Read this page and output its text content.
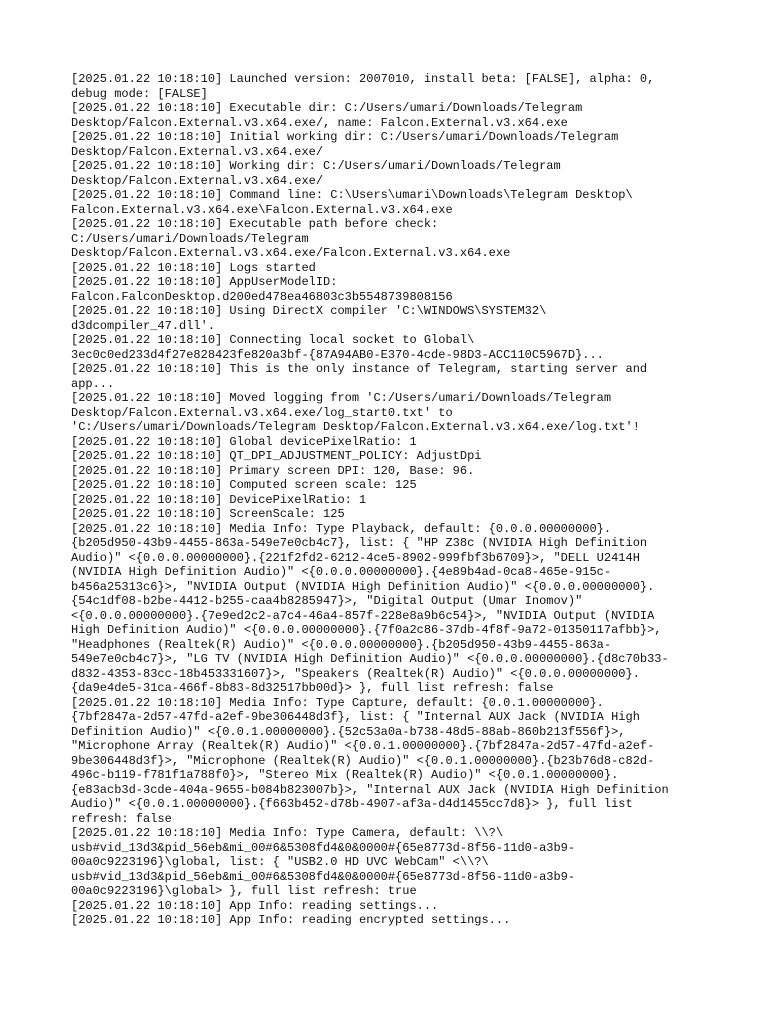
[2025.01.22 10:18:10] Launched version: 2007010, install beta: [FALSE], alpha: 0,
debug mode: [FALSE]
[2025.01.22 10:18:10] Executable dir: C:/Users/umari/Downloads/Telegram
Desktop/Falcon.External.v3.x64.exe/, name: Falcon.External.v3.x64.exe
[2025.01.22 10:18:10] Initial working dir: C:/Users/umari/Downloads/Telegram
Desktop/Falcon.External.v3.x64.exe/
[2025.01.22 10:18:10] Working dir: C:/Users/umari/Downloads/Telegram
Desktop/Falcon.External.v3.x64.exe/
[2025.01.22 10:18:10] Command line: C:\Users\umari\Downloads\Telegram Desktop\
Falcon.External.v3.x64.exe\Falcon.External.v3.x64.exe
[2025.01.22 10:18:10] Executable path before check:
C:/Users/umari/Downloads/Telegram
Desktop/Falcon.External.v3.x64.exe/Falcon.External.v3.x64.exe
[2025.01.22 10:18:10] Logs started
[2025.01.22 10:18:10] AppUserModelID:
Falcon.FalconDesktop.d200ed478ea46803c3b5548739808156
[2025.01.22 10:18:10] Using DirectX compiler 'C:\WINDOWS\SYSTEM32\
d3dcompiler_47.dll'.
[2025.01.22 10:18:10] Connecting local socket to Global\
3ec0c0ed233d4f27e828423fe820a3bf-{87A94AB0-E370-4cde-98D3-ACC110C5967D}...
[2025.01.22 10:18:10] This is the only instance of Telegram, starting server and
app...
[2025.01.22 10:18:10] Moved logging from 'C:/Users/umari/Downloads/Telegram
Desktop/Falcon.External.v3.x64.exe/log_start0.txt' to
'C:/Users/umari/Downloads/Telegram Desktop/Falcon.External.v3.x64.exe/log.txt'!
[2025.01.22 10:18:10] Global devicePixelRatio: 1
[2025.01.22 10:18:10] QT_DPI_ADJUSTMENT_POLICY: AdjustDpi
[2025.01.22 10:18:10] Primary screen DPI: 120, Base: 96.
[2025.01.22 10:18:10] Computed screen scale: 125
[2025.01.22 10:18:10] DevicePixelRatio: 1
[2025.01.22 10:18:10] ScreenScale: 125
[2025.01.22 10:18:10] Media Info: Type Playback, default: {0.0.0.00000000}.
{b205d950-43b9-4455-863a-549e7e0cb4c7}, list: { "HP Z38c (NVIDIA High Definition
Audio)" <{0.0.0.00000000}.{221f2fd2-6212-4ce5-8902-999fbf3b6709}>, "DELL U2414H
(NVIDIA High Definition Audio)" <{0.0.0.00000000}.{4e89b4ad-0ca8-465e-915c-
b456a25313c6}>, "NVIDIA Output (NVIDIA High Definition Audio)" <{0.0.0.00000000}.
{54c1df08-b2be-4412-b255-caa4b8285947}>, "Digital Output (Umar Inomov)"
<{0.0.0.00000000}.{7e9ed2c2-a7c4-46a4-857f-228e8a9b6c54}>, "NVIDIA Output (NVIDIA
High Definition Audio)" <{0.0.0.00000000}.{7f0a2c86-37db-4f8f-9a72-01350117afbb}>,
"Headphones (Realtek(R) Audio)" <{0.0.0.00000000}.{b205d950-43b9-4455-863a-
549e7e0cb4c7}>, "LG TV (NVIDIA High Definition Audio)" <{0.0.0.00000000}.{d8c70b33-
d832-4353-83cc-18b453331607}>, "Speakers (Realtek(R) Audio)" <{0.0.0.00000000}.
{da9e4de5-31ca-466f-8b83-8d32517bb00d}> }, full list refresh: false
[2025.01.22 10:18:10] Media Info: Type Capture, default: {0.0.1.00000000}.
{7bf2847a-2d57-47fd-a2ef-9be306448d3f}, list: { "Internal AUX Jack (NVIDIA High
Definition Audio)" <{0.0.1.00000000}.{52c53a0a-b738-48d5-88ab-860b213f556f}>,
"Microphone Array (Realtek(R) Audio)" <{0.0.1.00000000}.{7bf2847a-2d57-47fd-a2ef-
9be306448d3f}>, "Microphone (Realtek(R) Audio)" <{0.0.1.00000000}.{b23b76d8-c82d-
496c-b119-f781f1a788f0}>, "Stereo Mix (Realtek(R) Audio)" <{0.0.1.00000000}.
{e83acb3d-3cde-404a-9655-b084b823007b}>, "Internal AUX Jack (NVIDIA High Definition
Audio)" <{0.0.1.00000000}.{f663b452-d78b-4907-af3a-d4d1455cc7d8}> }, full list
refresh: false
[2025.01.22 10:18:10] Media Info: Type Camera, default: \\?\
usb#vid_13d3&pid_56eb&mi_00#6&5308fd4&0&0000#{65e8773d-8f56-11d0-a3b9-
00a0c9223196}\global, list: { "USB2.0 HD UVC WebCam" <\\?\
usb#vid_13d3&pid_56eb&mi_00#6&5308fd4&0&0000#{65e8773d-8f56-11d0-a3b9-
00a0c9223196}\global> }, full list refresh: true
[2025.01.22 10:18:10] App Info: reading settings...
[2025.01.22 10:18:10] App Info: reading encrypted settings...
